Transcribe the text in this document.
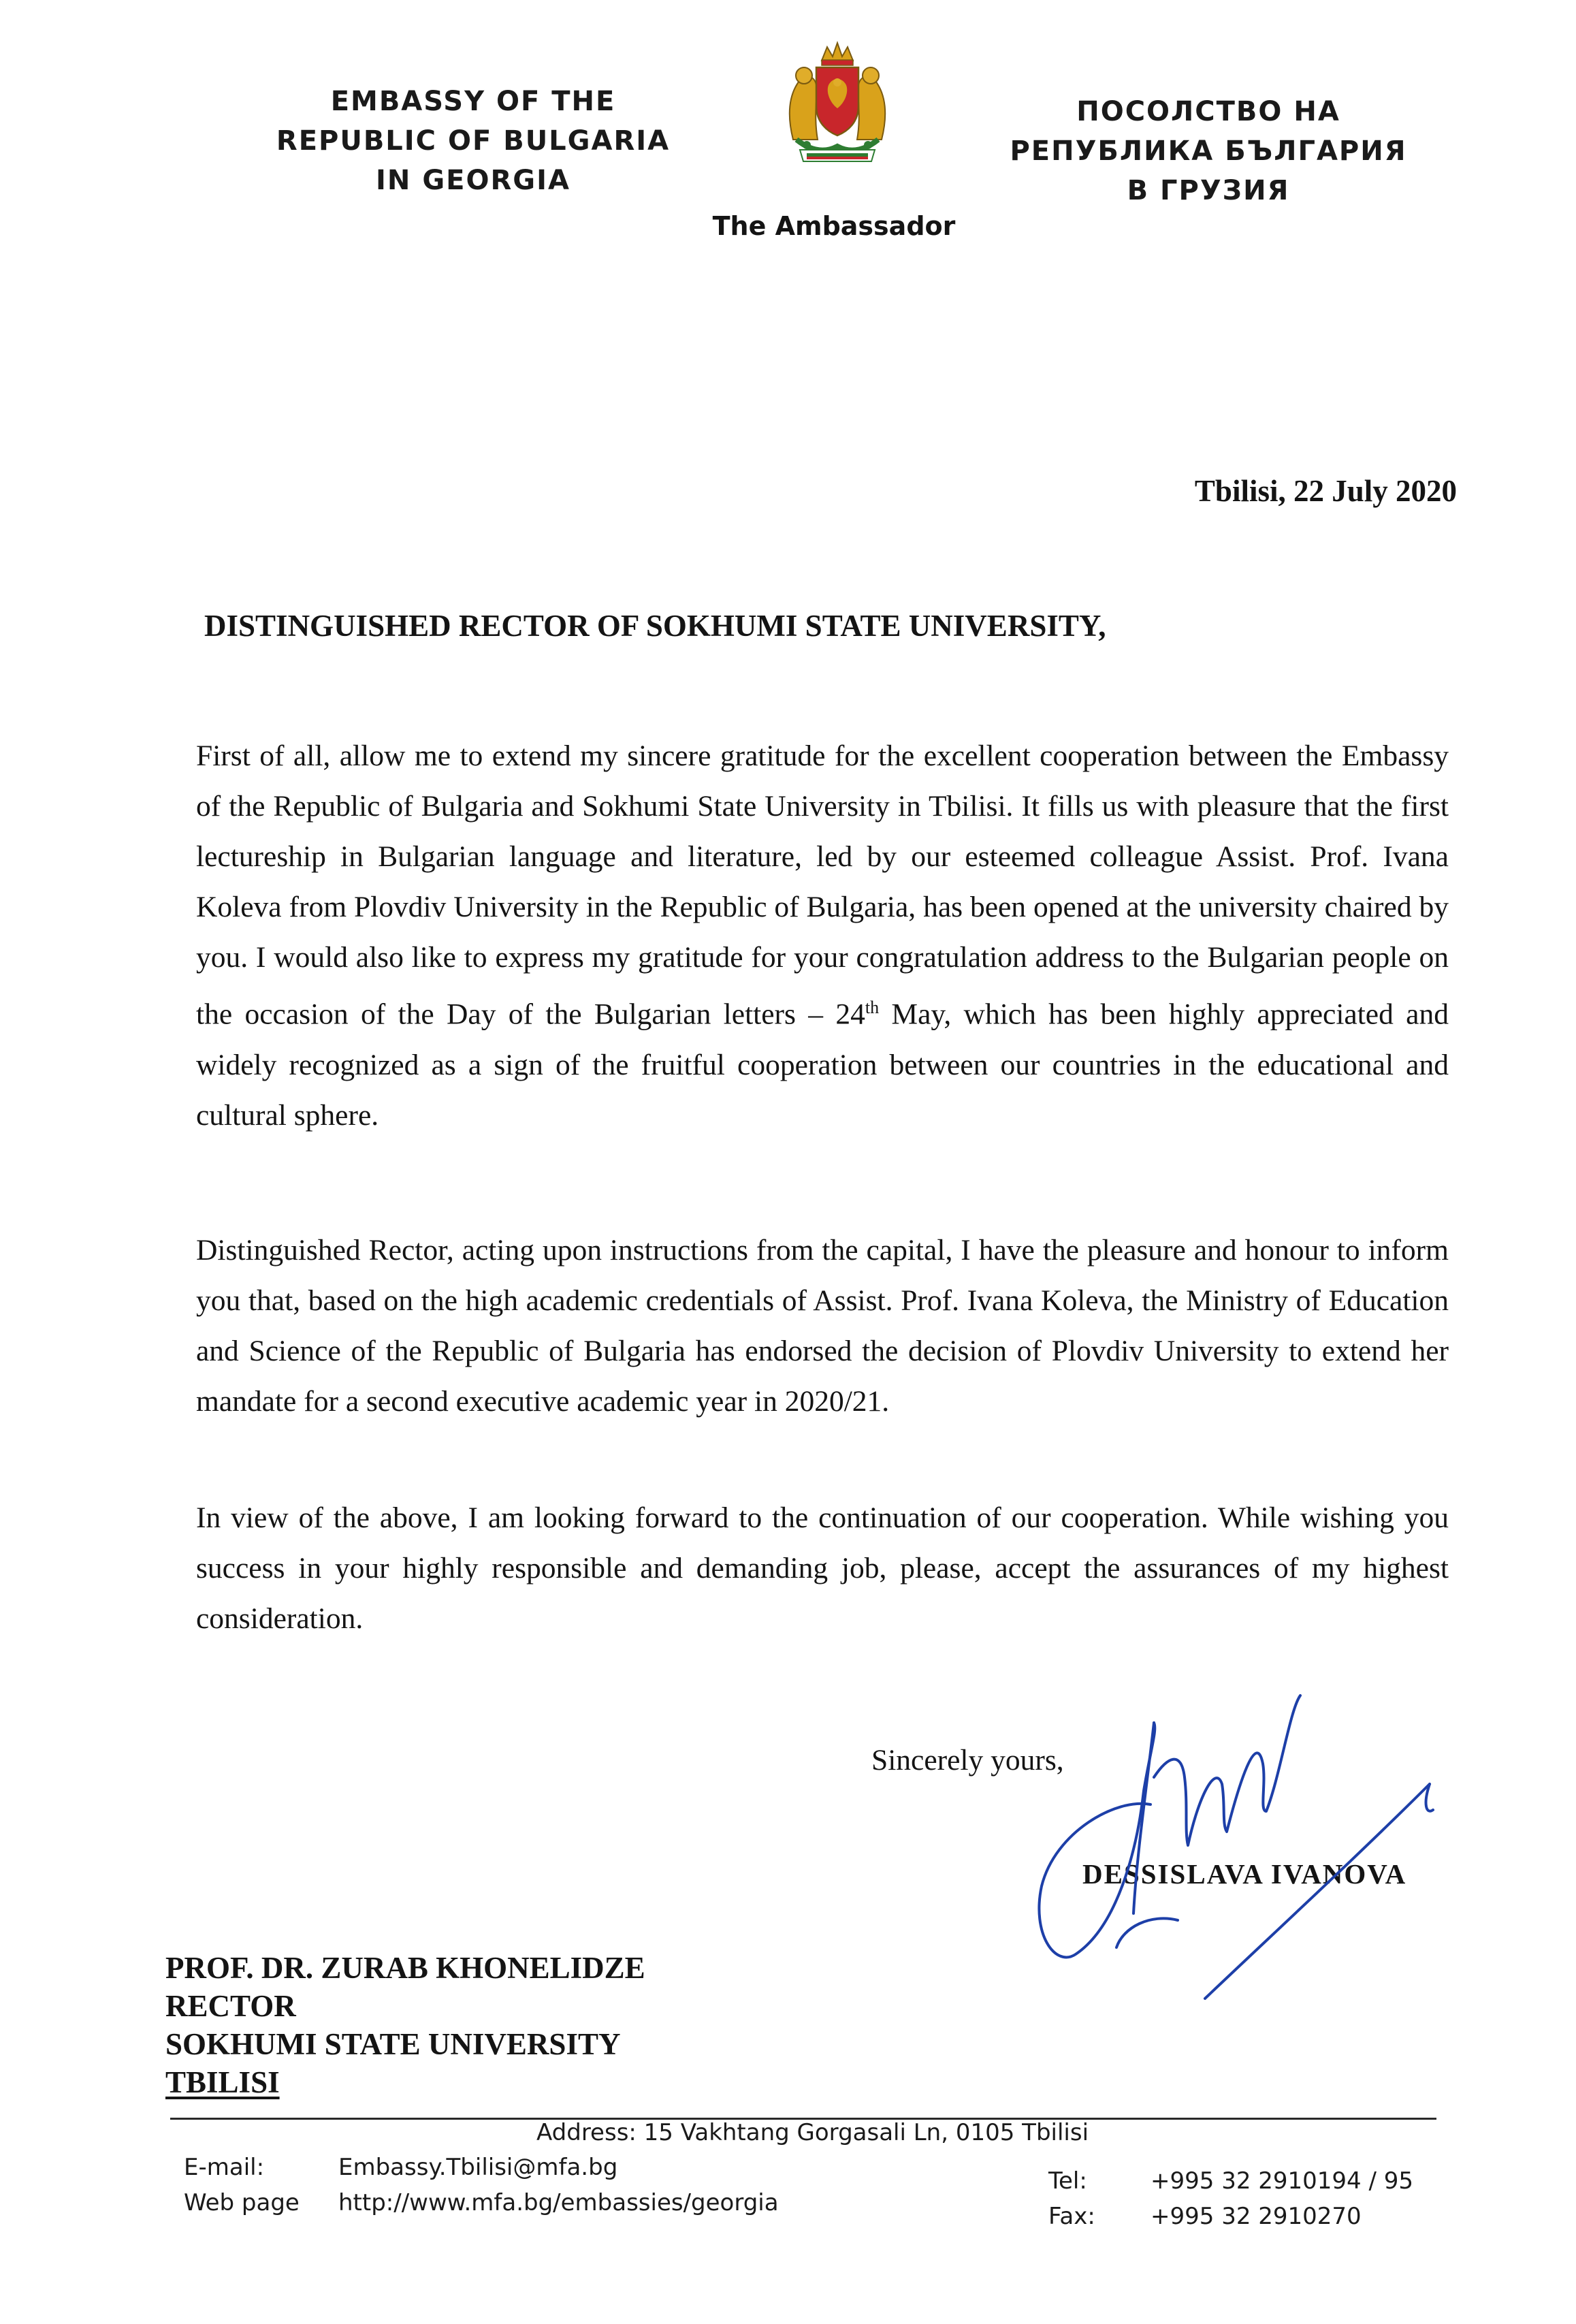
EMBASSY OF THE
REPUBLIC OF BULGARIA
IN GEORGIA
ПОСОЛСТВО НА
РЕПУБЛИКА БЪЛГАРИЯ
В ГРУЗИЯ
The Ambassador
Tbilisi, 22 July 2020
DISTINGUISHED RECTOR OF SOKHUMI STATE UNIVERSITY,

First of all, allow me to extend my sincere gratitude for the excellent cooperation between the Embassy of the Republic of Bulgaria and Sokhumi State University in Tbilisi. It fills us with pleasure that the first lectureship in Bulgarian language and literature, led by our esteemed colleague Assist. Prof. Ivana Koleva from Plovdiv University in the Republic of Bulgaria, has been opened at the university chaired by you. I would also like to express my gratitude for your congratulation address to the Bulgarian people on the occasion of the Day of the Bulgarian letters – 24th May, which has been highly appreciated and widely recognized as a sign of the fruitful cooperation between our countries in the educational and cultural sphere.

Distinguished Rector, acting upon instructions from the capital, I have the pleasure and honour to inform you that, based on the high academic credentials of Assist. Prof. Ivana Koleva, the Ministry of Education and Science of the Republic of Bulgaria has endorsed the decision of Plovdiv University to extend her mandate for a second executive academic year in 2020/21.

In view of the above, I am looking forward to the continuation of our cooperation. While wishing you success in your highly responsible and demanding job, please, accept the assurances of my highest consideration.

Sincerely yours,
DESSISLAVA IVANOVA
PROF. DR. ZURAB KHONELIDZE
RECTOR
SOKHUMI STATE UNIVERSITY
TBILISI
Address: 15 Vakhtang Gorgasali Ln, 0105 Tbilisi
E-mail:	Embassy.Tbilisi@mfa.bg
Web page http://www.mfa.bg/embassies/georgia
Tel:	+995 32 2910194 / 95
Fax: +995 32 2910270
